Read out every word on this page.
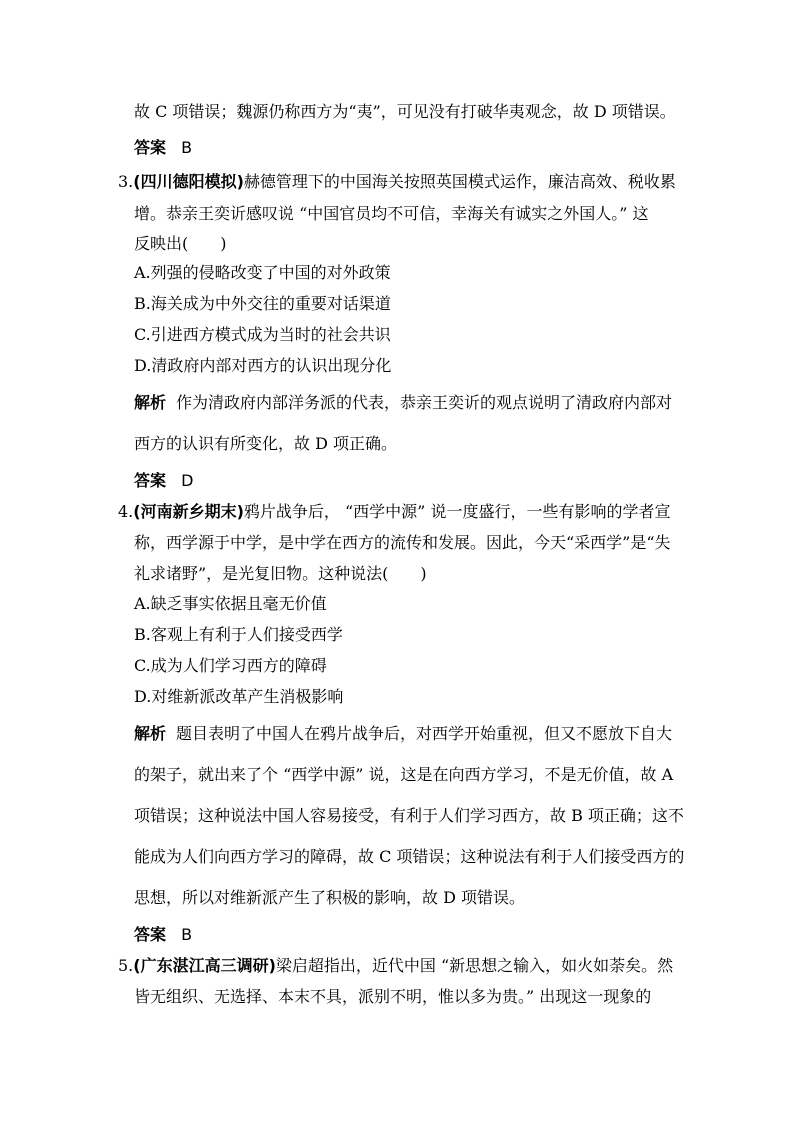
故 C 项错误；魏源仍称西方为“夷”，可见没有打破华夷观念，故 D 项错误。
答案 B
3.(四川德阳模拟)赫德管理下的中国海关按照英国模式运作，廉洁高效、税收累
增。恭亲王奕䜣感叹说 “中国官员均不可信，幸海关有诚实之外国人。” 这
反映出(　　)
A.列强的侵略改变了中国的对外政策
B.海关成为中外交往的重要对话渠道
C.引进西方模式成为当时的社会共识
D.清政府内部对西方的认识出现分化
解析 作为清政府内部洋务派的代表，恭亲王奕䜣的观点说明了清政府内部对
西方的认识有所变化，故 D 项正确。
答案 D
4.(河南新乡期末)鸦片战争后， “西学中源” 说一度盛行，一些有影响的学者宣
称，西学源于中学，是中学在西方的流传和发展。因此，今天“采西学”是“失
礼求诸野”，是光复旧物。这种说法(　　)
A.缺乏事实依据且毫无价值
B.客观上有利于人们接受西学
C.成为人们学习西方的障碍
D.对维新派改革产生消极影响
解析 题目表明了中国人在鸦片战争后，对西学开始重视，但又不愿放下自大
的架子，就出来了个 “西学中源” 说，这是在向西方学习，不是无价值，故 A
项错误；这种说法中国人容易接受，有利于人们学习西方，故 B 项正确；这不
能成为人们向西方学习的障碍，故 C 项错误；这种说法有利于人们接受西方的
思想，所以对维新派产生了积极的影响，故 D 项错误。
答案 B
5.(广东湛江高三调研)梁启超指出，近代中国 “新思想之输入，如火如荼矣。然
皆无组织、无选择、本末不具，派别不明，惟以多为贵。” 出现这一现象的
